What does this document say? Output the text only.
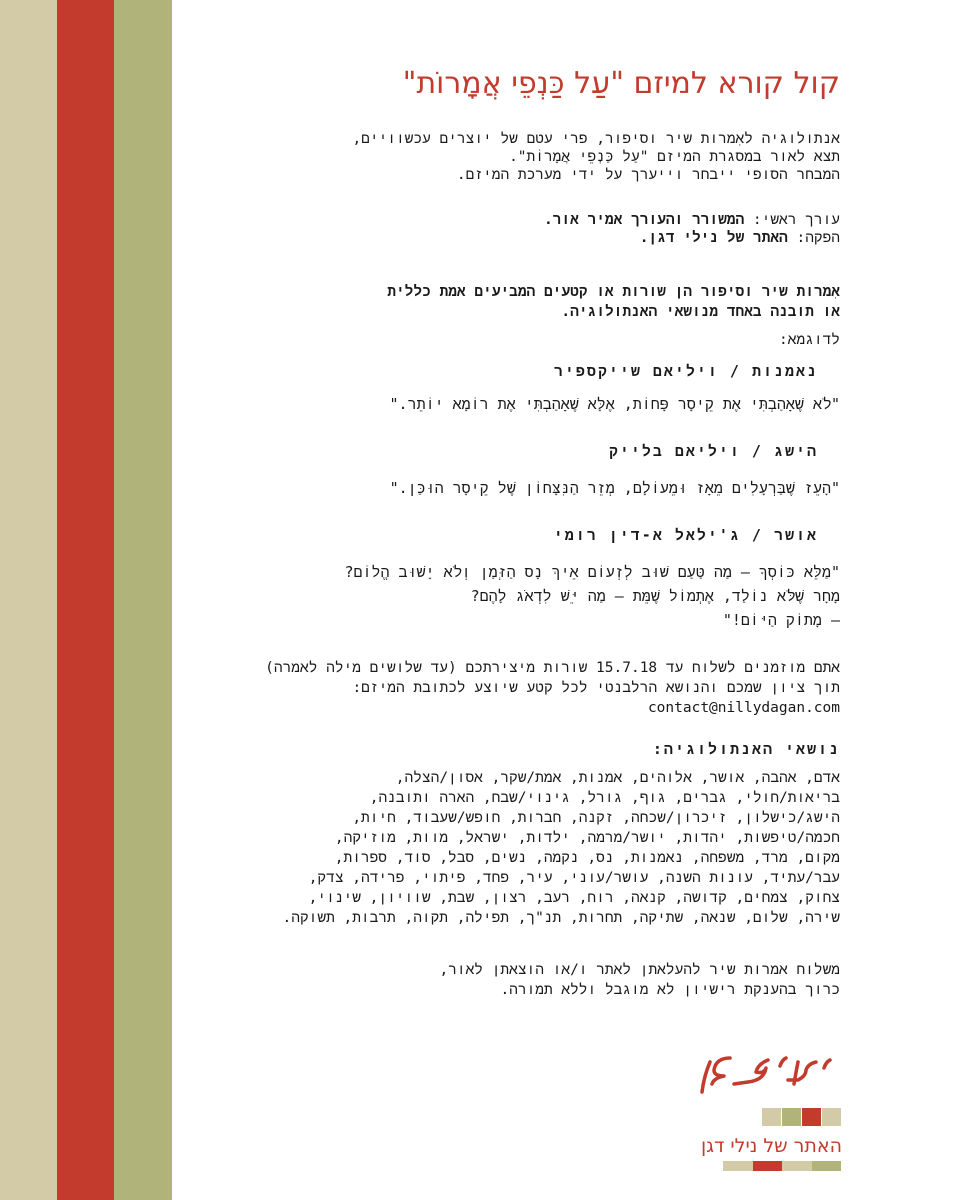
קול קורא למיזם "עַל כַּנְפֵי אֲמָרוֹת"
אנתולוגיה לאִמרות שיר וסיפור, פרי עטם של יוצרים עכשוויים,
תצא לאור במסגרת המיזם "עַל כַּנְפֵי אֲמָרוֹת".
המבחר הסופי ייבחר וייערך על ידי מערכת המיזם.
עורך ראשי: המשורר והעורך אמיר אור.
הפקה: האתר של נילי דגן.
אִמרות שיר וסיפור הן שורות או קטעים המביעים אמת כללית
או תובנה באחד מנושאי האנתולוגיה.
לדוגמא:
נאמנות / ויליאם שייקספיר
"לֹא שֶׁאָהַבְתִּי אֶת קֵיסָר פָּחוֹת, אֶלָּא שֶׁאָהַבְתִּי אֶת רוֹמָא יוֹתֵר."
הישג / ויליאם בלייק
"הָעֵז שֶׁבַּרְעָלִים מֵאָז וּמֵעוֹלָם, מְזֵר הַנִּצָּחוֹן שֶׁל קֵיסָר הוּכַּן."
אושר / ג'ילאל א-דין רומי
"מַלֵּא כּוֹסְךָ – מַה טַּעַם שׁוּב לְזְעוֹם אֵיךְ נָס הַזְּמַן וְלֹא יָשׁוּב הֱלוֹם?
מָחָר שֶׁלֹּא נוֹלַד, אֶתְמוֹל שֶׁמֵּת – מַה יֵּשׁ לִדְאֹג לָהֶם?
– מָתוֹק הַיּוֹם!"
אתם מוזמנים לשלוח עד 15.7.18 שורות מיצירתכם (עד שלושים מילה לאמרה)
תוך ציון שמכם והנושא הרלבנטי לכל קטע שיוצע לכתובת המיזם:
contact@nillydagan.com
נושאי האנתולוגיה:
אדם, אהבה, אושר, אלוהים, אמנות, אמת/שקר, אסון/הצלה,
בריאות/חולי, גברים, גוף, גורל, גינוי/שבח, הארה ותובנה,
הישג/כישלון, זיכרון/שכחה, זקנה, חברות, חופש/שעבוד, חיות,
חכמה/טיפשות, יהדות, יושר/מרמה, ילדות, ישראל, מוות, מוזיקה,
מקום, מרד, משפחה, נאמנות, נס, נקמה, נשים, סבל, סוד, ספרות,
עבר/עתיד, עונות השנה, עושר/עוני, עיר, פחד, פיתוי, פרידה, צדק,
צחוק, צמחים, קדושה, קנאה, רוח, רעב, רצון, שבת, שוויון, שינוי,
שירה, שלום, שנאה, שתיקה, תחרות, תנ"ך, תפילה, תקוה, תרבות, תשוקה.
משלוח אמרות שיר להעלאתן לאתר ו/או הוצאתן לאור,
כרוך בהענקת רישיון לא מוגבל וללא תמורה.
האתר של נילי דגן
